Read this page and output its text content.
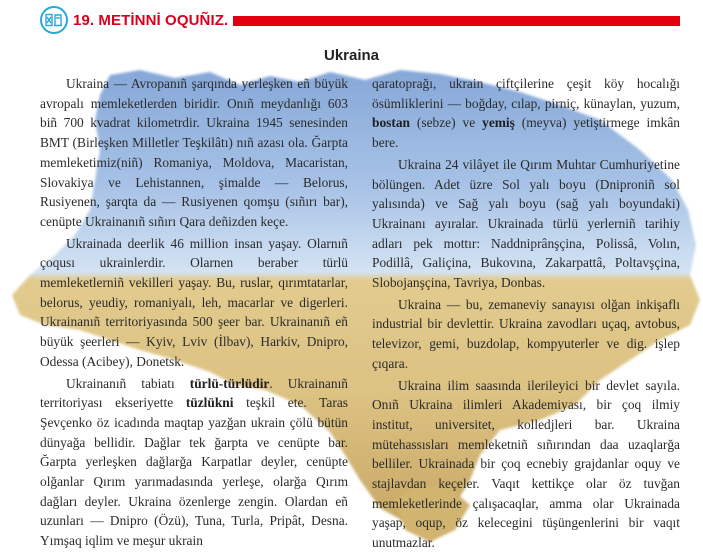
19. METİNNİ OQUÑIZ.
Ukraina

Ukraina — Avropanıñ şarqında yerleşken eñ büyük avropalı memleketlerden biridir. Onıñ meydanlığı 603 biñ 700 kvadrat kilometrdir. Ukraina 1945 senesinden BMT (Birleşken Milletler Teşkilâtı) nıñ azası ola. Ğarpta memleketimiz(niñ) Romaniya, Moldova, Macaristan, Slovakiya ve Lehistannen, şimalde — Belorus, Rusiyenen, şarqta da — Rusiyenen qomşu (sıñırı bar), cenüpte Ukrainanıñ sıñırı Qara deñizden keçe.

Ukrainada deerlik 46 million insan yaşay. Olarnıñ çoqusı ukrainlerdir. Olarnen beraber türlü memleketlerniñ vekilleri yaşay. Bu, ruslar, qırımtatarlar, belorus, yeudiy, romaniyalı, leh, macarlar ve digerleri. Ukrainanıñ territoriyasında 500 şeer bar. Ukrainanıñ eñ büyük şeerleri — Kyiv, Lviv (İlbav), Harkiv, Dnipro, Odessa (Acibey), Donetsk.

Ukrainanıñ tabiatı türlü-türlüdir. Ukrainanıñ territoriyası ekseriyette tüzlükni teşkil ete. Taras Şevçenko öz icadında maqtap yazğan ukrain çölü bütün dünyağa bellidir. Dağlar tek ğarpta ve cenüpte bar. Ğarpta yerleşken dağlarğa Karpatlar deyler, cenüpte olğanlar Qırım yarımadasında yerleşe, olarğa Qırım dağları deyler. Ukraina özenlerge zengin. Olardan eñ uzunları — Dnipro (Özü), Tuna, Turla, Pripât, Desna. Yımşaq iqlim ve meşur ukrain

qaratoprağı, ukrain çiftçilerine çeşit köy hocalığı ösümliklerini — boğday, cılap, pirniç, künaylan, yuzum, bostan (sebze) ve yemiş (meyva) yetiştirmege imkân bere.

Ukraina 24 vilâyet ile Qırım Muhtar Cumhuriyetine bölüngen. Adet üzre Sol yalı boyu (Dniproniñ sol yalısında) ve Sağ yalı boyu (sağ yalı boyundaki) Ukrainanı ayıralar. Ukrainada türlü yerlerniñ tarihiy adları pek mottır: Naddniprânşçina, Polissâ, Volın, Podillâ, Galiçina, Bukovına, Zakarpattâ, Poltavşçina, Slobojanşçina, Tavriya, Donbas.

Ukraina — bu, zemaneviy sanayısı olğan inkişaflı industrial bir devlettir. Ukraina zavodları uçaq, avtobus, televizor, gemi, buzdolap, kompyuterler ve dig. işlep çıqara.

Ukraina ilim saasında ilerileyici bir devlet sayıla. Onıñ Ukraina ilimleri Akademiyası, bir çoq ilmiy institut, universitet, kolledjleri bar. Ukraina mütehassısları memleketniñ sıñırından daa uzaqlarğa belliler. Ukrainada bir çoq ecnebiy grajdanlar oquy ve stajlavdan keçeler. Vaqıt kettikçe olar öz tuvğan memleketlerinde çalışacaqlar, amma olar Ukrainada yaşap, oqup, öz kelecegini tüşüngenlerini bir vaqıt unutmazlar.
